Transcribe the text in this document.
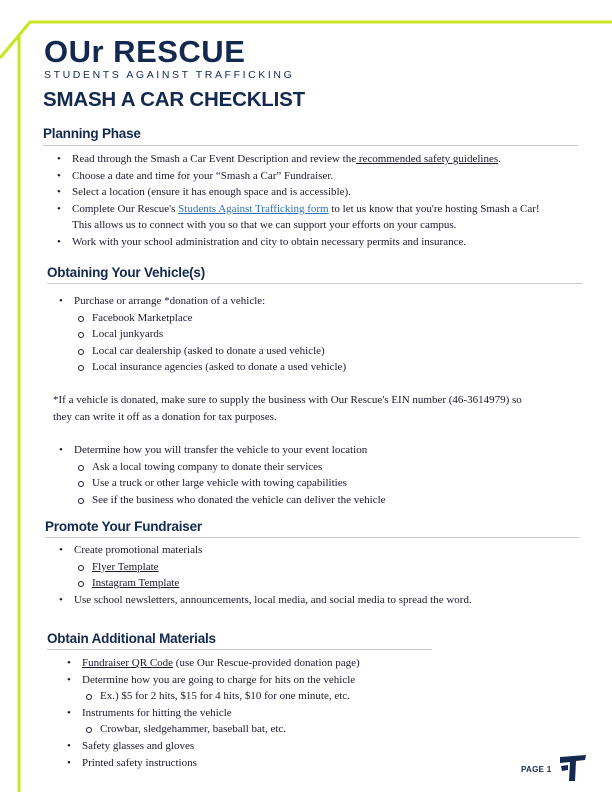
OUr RESCUE
STUDENTS AGAINST TRAFFICKING
SMASH A CAR CHECKLIST
Planning Phase
• Read through the Smash a Car Event Description and review the recommended safety guidelines.
• Choose a date and time for your “Smash a Car” Fundraiser.
• Select a location (ensure it has enough space and is accessible).
• Complete Our Rescue's Students Against Trafficking form to let us know that you're hosting Smash a Car!
This allows us to connect with you so that we can support your efforts on your campus.
• Work with your school administration and city to obtain necessary permits and insurance.
Obtaining Your Vehicle(s)
• Purchase or arrange *donation of a vehicle:
Facebook Marketplace
Local junkyards
Local car dealership (asked to donate a used vehicle)
Local insurance agencies (asked to donate a used vehicle)
*If a vehicle is donated, make sure to supply the business with Our Rescue's EIN number (46-3614979) so
they can write it off as a donation for tax purposes.
• Determine how you will transfer the vehicle to your event location
Ask a local towing company to donate their services
Use a truck or other large vehicle with towing capabilities
See if the business who donated the vehicle can deliver the vehicle
Promote Your Fundraiser
• Create promotional materials
Flyer Template
Instagram Template
• Use school newsletters, announcements, local media, and social media to spread the word.
Obtain Additional Materials
• Fundraiser QR Code (use Our Rescue-provided donation page)
• Determine how you are going to charge for hits on the vehicle
Ex.) $5 for 2 hits, $15 for 4 hits, $10 for one minute, etc.
• Instruments for hitting the vehicle
Crowbar, sledgehammer, baseball bat, etc.
• Safety glasses and gloves
• Printed safety instructions
PAGE 1
